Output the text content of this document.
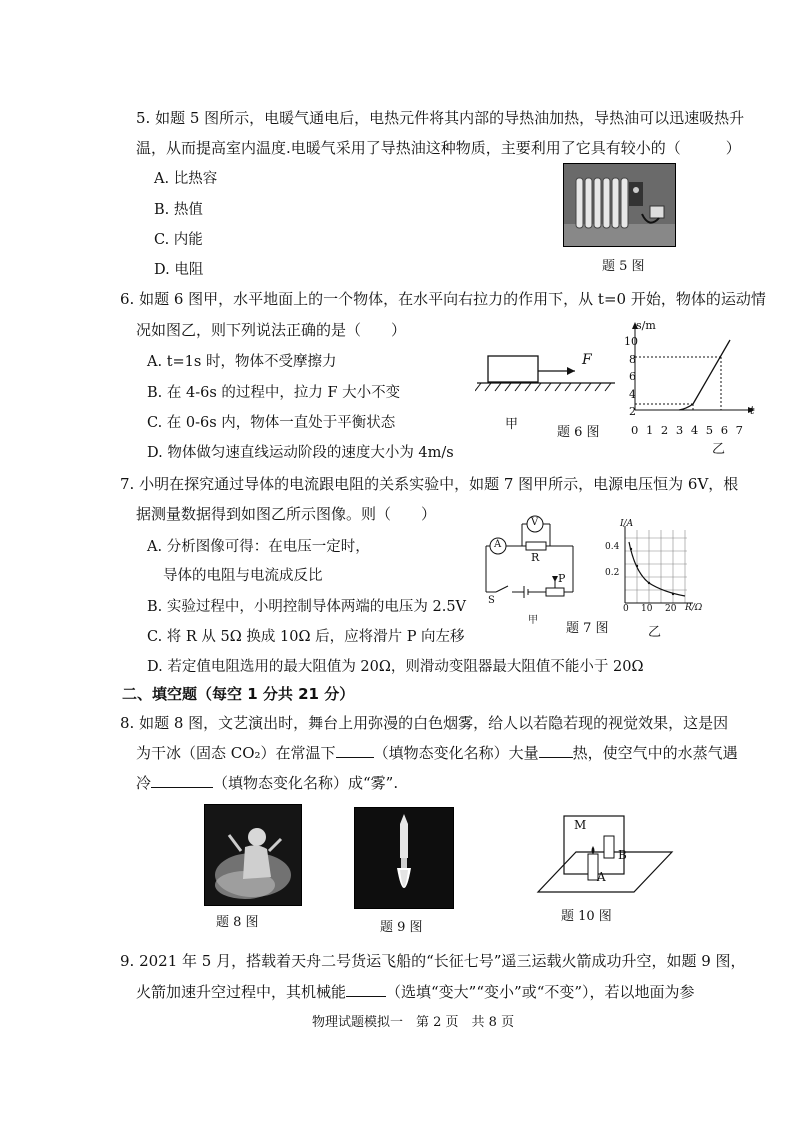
5. 如题 5 图所示，电暖气通电后，电热元件将其内部的导热油加热，导热油可以迅速吸热升
温，从而提高室内温度.电暖气采用了导热油这种物质，主要利用了它具有较小的（　　　）
A. 比热容
B. 热值
C. 内能
D. 电阻	题 5 图
6. 如题 6 图甲，水平地面上的一个物体，在水平向右拉力的作用下，从 t=0 开始，物体的运动情
况如图乙，则下列说法正确的是（　　）
A. t=1s 时，物体不受摩擦力
B. 在 4-6s 的过程中，拉力 F 大小不变
C. 在 0-6s 内，物体一直处于平衡状态
D. 物体做匀速直线运动阶段的速度大小为 4m/s
F
甲
题 6 图
s/m
10
8
6
4
2	t
0 1 2 3 4 5 6 7
乙
7. 小明在探究通过导体的电流跟电阻的关系实验中，如题 7 图甲所示，电源电压恒为 6V，根
据测量数据得到如图乙所示图像。则（　　）
A. 分析图像可得：在电压一定时，
导体的电阻与电流成反比
B. 实验过程中，小明控制导体两端的电压为 2.5V
C. 将 R 从 5Ω 换成 10Ω 后，应将滑片 P 向左移
D. 若定值电阻选用的最大阻值为 20Ω，则滑动变阻器最大阻值不能小于 20Ω
V
A
R
P
S
甲
题 7 图
I/A
0.4
0.2
0 10 20 R/Ω
乙
二、填空题（每空 1 分共 21 分）
8. 如题 8 图，文艺演出时，舞台上用弥漫的白色烟雾，给人以若隐若现的视觉效果，这是因
为干冰（固态 CO₂）在常温下	（填物态变化名称）大量 热，使空气中的水蒸气遇
冷	（填物态变化名称）成“雾”.
M
A
B
题 8 图	题 9 图
题 10 图
9. 2021 年 5 月，搭载着天舟二号货运飞船的“长征七号”遥三运载火箭成功升空，如题 9 图，
火箭加速升空过程中，其机械能	（选填“变大”“变小”或“不变”），若以地面为参
物理试题模拟一　第 2 页　共 8 页
